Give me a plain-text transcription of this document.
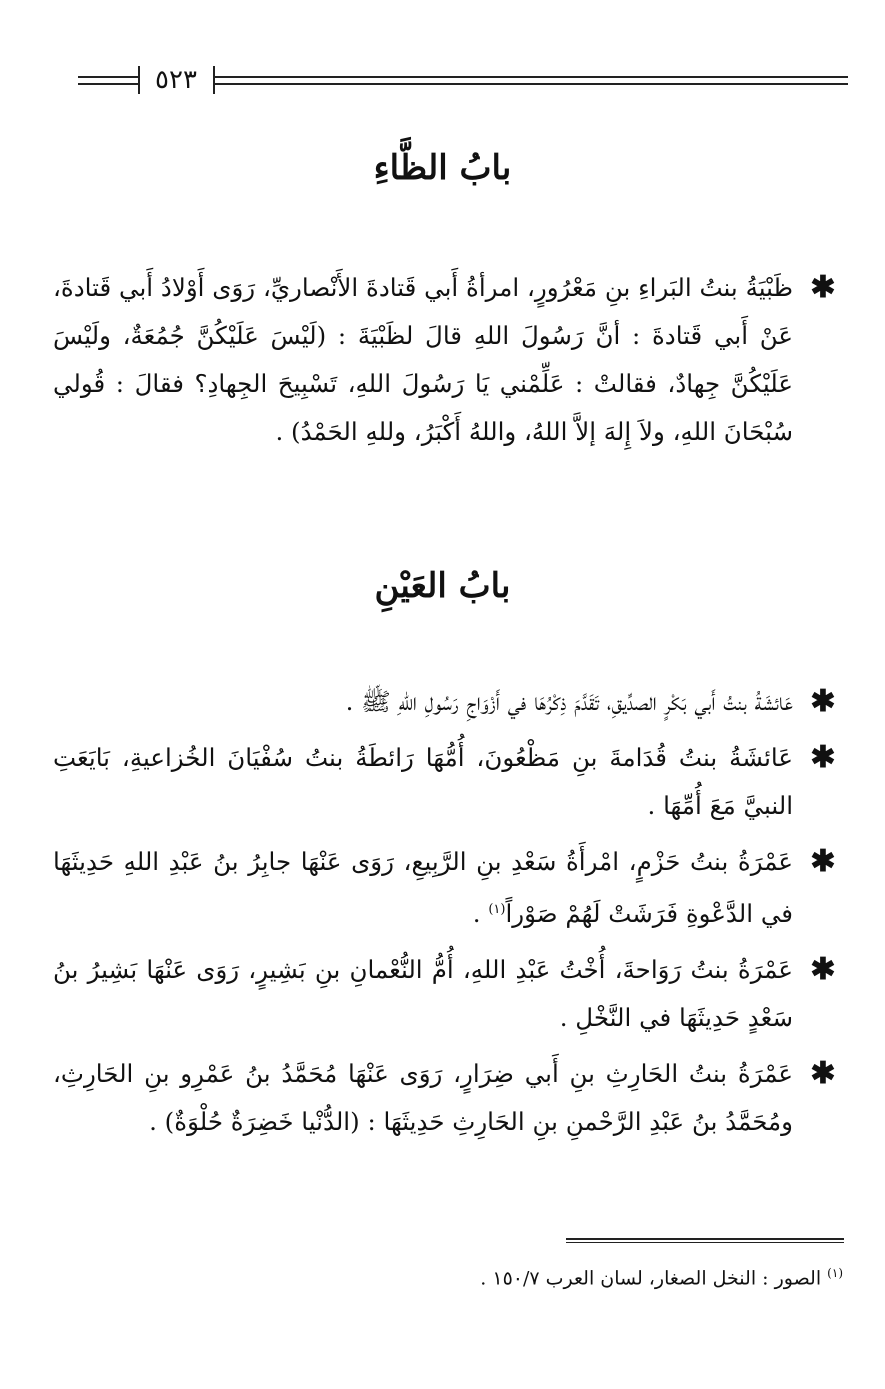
٥٢٣
بابُ الظَّاءِ
✱
ظَبْيَةُ بنتُ البَراءِ بنِ مَعْرُورٍ، امرأةُ أَبي قَتادةَ الأَنْصاريِّ، رَوَى أَوْلادُ أَبي قَتادةَ، عَنْ أَبي قَتادةَ : أنَّ رَسُولَ اللهِ قالَ لظَبْيَةَ : (لَيْسَ عَلَيْكُنَّ جُمُعَةٌ، ولَيْسَ عَلَيْكُنَّ جِهادٌ، فقالتْ : عَلِّمْني يَا رَسُولَ اللهِ، تَسْبِيحَ الجِهادِ؟ فقالَ : قُولي سُبْحَانَ اللهِ، ولاَ إِلهَ إلاَّ اللهُ، واللهُ أَكْبَرُ، وللهِ الحَمْدُ) .
بابُ العَيْنِ
✱
عَائشَةُ بنتُ أَبي بَكْرٍ الصدِّيقِ، تَقَدَّمَ ذِكْرُهَا في أَزْوَاجِ رَسُولِ اللهِ ﷺ .
✱
عَائشَةُ بنتُ قُدَامةَ بنِ مَظْعُونَ، أُمُّهَا رَائطَةُ بنتُ سُفْيَانَ الخُزاعيةِ، بَايَعَتِ النبيَّ مَعَ أُمِّهَا .
✱
عَمْرَةُ بنتُ حَزْمٍ، امْرأَةُ سَعْدِ بنِ الرَّبِيعِ، رَوَى عَنْهَا جابِرُ بنُ عَبْدِ اللهِ حَدِيثَهَا في الدَّعْوةِ فَرَشَتْ لَهُمْ صَوْراً$^{(١)}$ .
✱
عَمْرَةُ بنتُ رَوَاحةَ، أُخْتُ عَبْدِ اللهِ، أُمُّ النُّعْمانِ بنِ بَشِيرٍ، رَوَى عَنْهَا بَشِيرُ بنُ سَعْدٍ حَدِيثَهَا في النَّخْلِ .
✱
عَمْرَةُ بنتُ الحَارِثِ بنِ أَبي ضِرَارٍ، رَوَى عَنْهَا مُحَمَّدُ بنُ عَمْرِو بنِ الحَارِثِ، ومُحَمَّدُ بنُ عَبْدِ الرَّحْمنِ بنِ الحَارِثِ حَدِيثَهَا : (الدُّنْيا خَضِرَةٌ حُلْوَةٌ) .
$^{(١)}$ الصور : النخل الصغار، لسان العرب ١٥٠/٧ .
